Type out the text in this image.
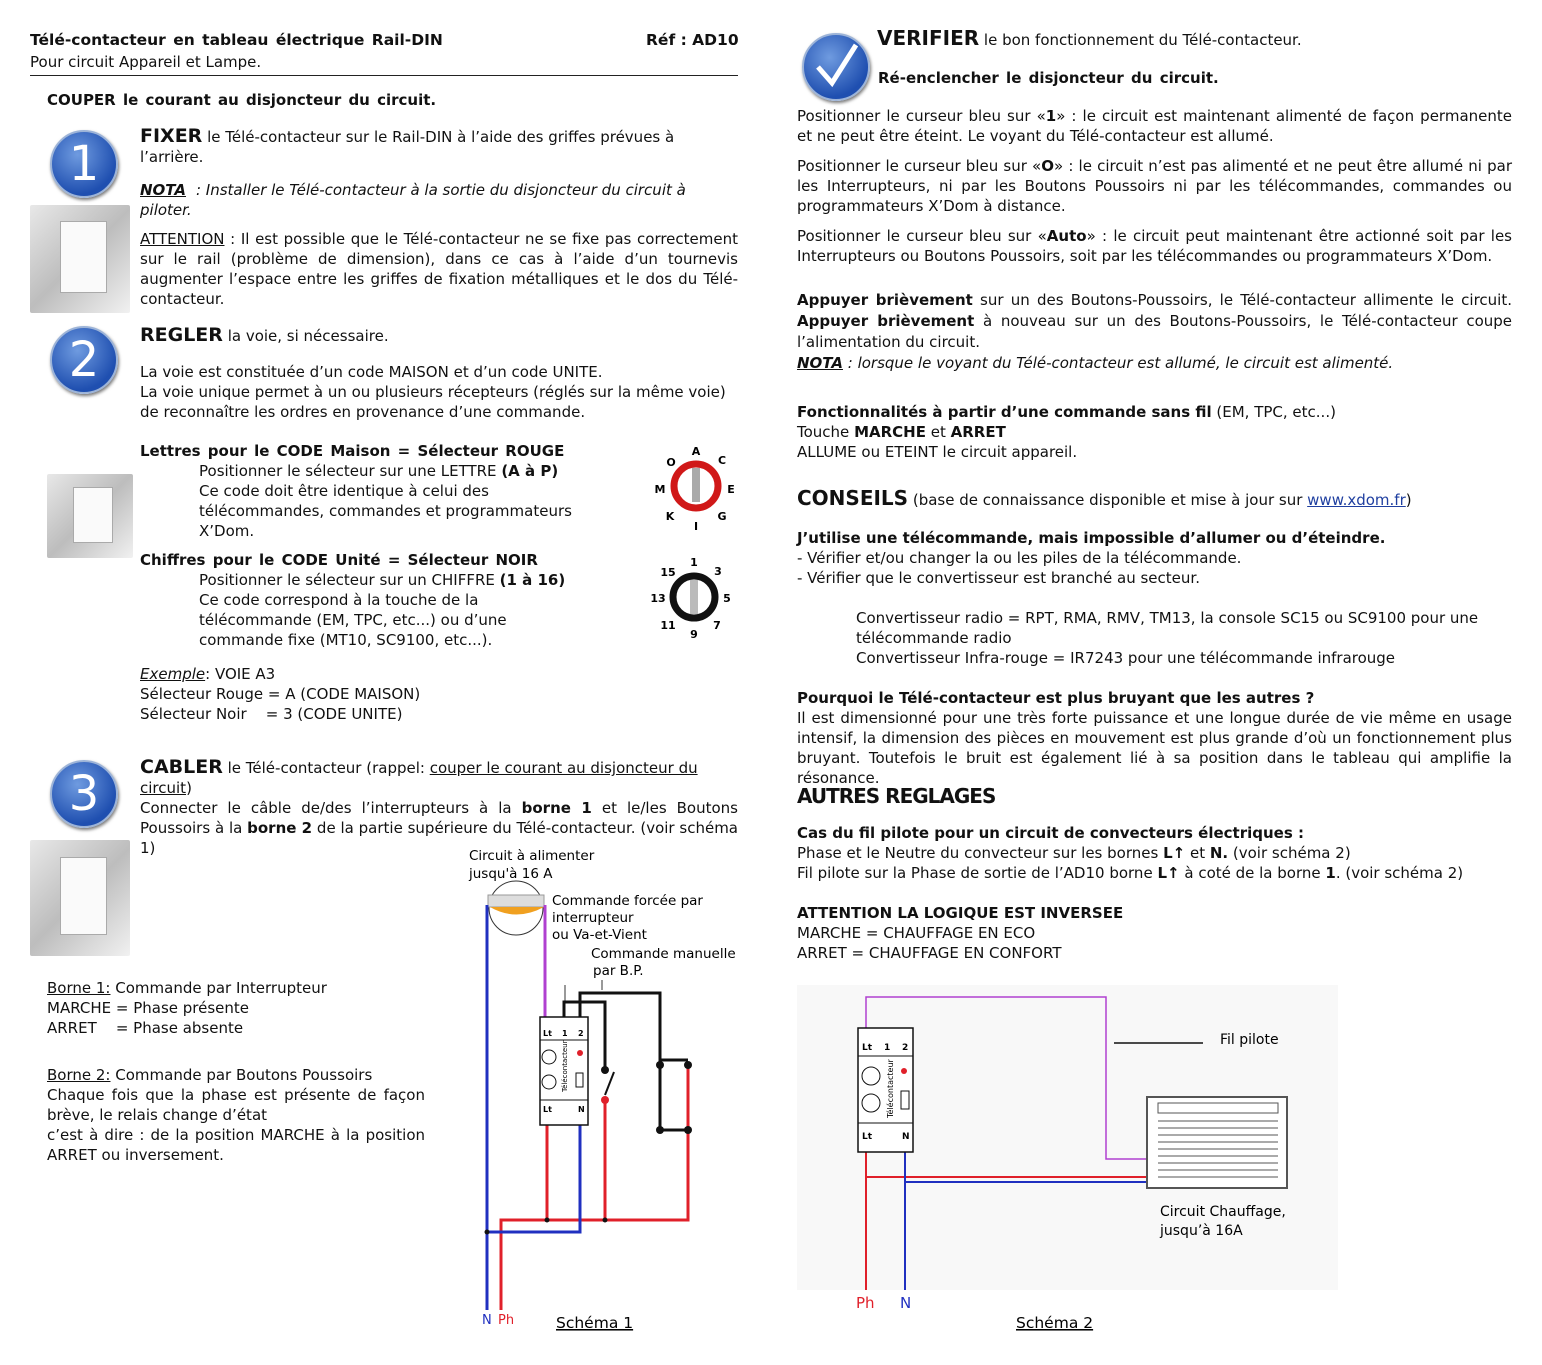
Télé-contacteur en tableau électrique Rail-DIN	Réf : AD10
Pour circuit Appareil et Lampe.
COUPER le courant au disjoncteur du circuit.
1	FIXER le Télé-contacteur sur le Rail-DIN à l’aide des griffes prévues à l’arrière.
NOTA  : Installer le Télé-contacteur à la sortie du disjoncteur du circuit à piloter.
ATTENTION : Il est possible que le Télé-contacteur ne se fixe pas correctement sur le rail (problème de dimension), dans ce cas à l’aide d’un tournevis augmenter l’espace entre les griffes de fixation métalliques et le dos du Télé-contacteur.
2	REGLER la voie, si nécessaire.
La voie est constituée d’un code MAISON et d’un code UNITE.
La voie unique permet à un ou plusieurs récepteurs (réglés sur la même voie) de reconnaître les ordres en provenance d’une commande.
Lettres pour le CODE Maison = Sélecteur ROUGE
Positionner le sélecteur sur une LETTRE (A à P)
Ce code doit être identique à celui des télécommandes, commandes et programmateurs X’Dom.
A
C
E
G
I
K
M
O
1
3
5
7
9
11
13
15
Chiffres pour le CODE Unité = Sélecteur NOIR
Positionner le sélecteur sur un CHIFFRE (1 à 16)
Ce code correspond à la touche de la télécommande (EM, TPC, etc...) ou d’une commande fixe (MT10, SC9100, etc...).
Exemple: VOIE A3
Sélecteur Rouge = A (CODE MAISON)
Sélecteur Noir    = 3 (CODE UNITE)
3	CABLER le Télé-contacteur (rappel: couper le courant au disjoncteur du circuit)
Connecter le câble de/des l’interrupteurs à la borne 1 et le/les Boutons Poussoirs à la borne 2 de la partie supérieure du Télé-contacteur. (voir schéma 1)
Borne 1: Commande par Interrupteur
MARCHE = Phase présente
ARRET    = Phase absente
Borne 2: Commande par Boutons Poussoirs
Chaque fois que la phase est présente de façon brève, le relais change d’état
c’est à dire : de la position MARCHE à la position ARRET ou inversement.
Circuit à alimenter
jusqu'à 16 A
Commande forcée par
interrupteur
ou Va-et-Vient
Commande manuelle
par B.P.
Télécontacteur
Lt 1 2
Lt	N
N Ph	Schéma 1
VERIFIER le bon fonctionnement du Télé-contacteur.
Ré-enclencher le disjoncteur du circuit.
Positionner le curseur bleu sur «1» : le circuit est maintenant alimenté de façon permanente et ne peut être éteint. Le voyant du Télé-contacteur est allumé.
Positionner le curseur bleu sur «O» : le circuit n’est pas alimenté et ne peut être allumé ni par les Interrupteurs, ni par les Boutons Poussoirs ni par les télécommandes, commandes ou programmateurs X’Dom à distance.
Positionner le curseur bleu sur «Auto» : le circuit peut maintenant être actionné soit par les Interrupteurs ou Boutons Poussoirs, soit par les télécommandes ou programmateurs X’Dom.
Appuyer brièvement sur un des Boutons-Poussoirs, le Télé-contacteur allimente le circuit. Appuyer brièvement à nouveau sur un des Boutons-Poussoirs, le Télé-contacteur coupe l’alimentation du circuit.
NOTA : lorsque le voyant du Télé-contacteur est allumé, le circuit est alimenté.
Fonctionnalités à partir d’une commande sans fil (EM, TPC, etc...)
Touche MARCHE et ARRET
ALLUME ou ETEINT le circuit appareil.
CONSEILS (base de connaissance disponible et mise à jour sur www.xdom.fr)
J’utilise une télécommande, mais impossible d’allumer ou d’éteindre.
- Vérifier et/ou changer la ou les piles de la télécommande.
- Vérifier que le convertisseur est branché au secteur.
Convertisseur radio = RPT, RMA, RMV, TM13, la console SC15 ou SC9100 pour une télécommande radio
Convertisseur Infra-rouge = IR7243 pour une télécommande infrarouge
Pourquoi le Télé-contacteur est plus bruyant que les autres ?
Il est dimensionné pour une très forte puissance et une longue durée de vie même en usage intensif, la dimension des pièces en mouvement est plus grande d’où un fonctionnement plus bruyant. Toutefois le bruit est également lié à sa position dans le tableau qui amplifie la résonance.
AUTRES REGLAGES
Cas du fil pilote pour un circuit de convecteurs électriques :
Phase et le Neutre du convecteur sur les bornes L↑ et N. (voir schéma 2)
Fil pilote sur la Phase de sortie de l’AD10 borne L↑ à coté de la borne 1. (voir schéma 2)
ATTENTION LA LOGIQUE EST INVERSEE
MARCHE = CHAUFFAGE EN ECO
ARRET = CHAUFFAGE EN CONFORT
Fil pilote
Circuit Chauffage,
jusqu’à 16A
Télécontacteur
Lt 1 2
Lt	N
Ph N
Schéma 2
